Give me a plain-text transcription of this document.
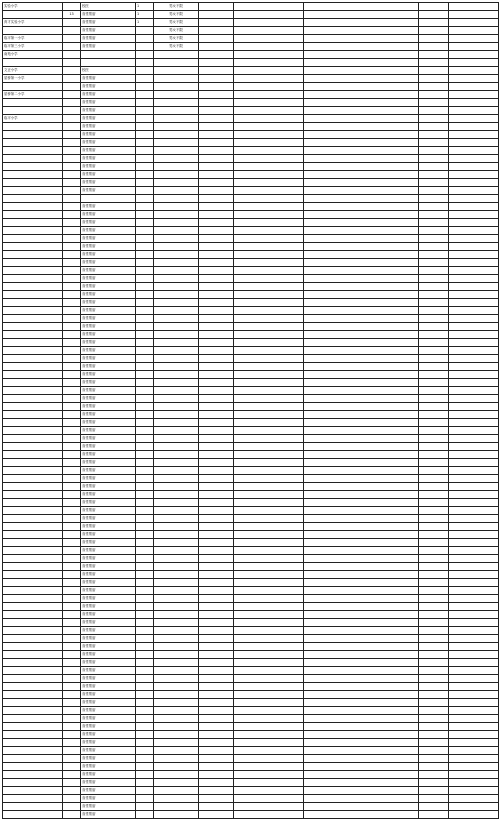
实验小学		校医	1	男女不限					
	13	食堂帮厨	1	男女不限					
育才实验小学		食堂帮厨	1	男女不限					
		食堂帮厨		男女不限					
临平第一小学		食堂帮厨		男女不限					
临平第三小学		食堂帮厨		男女不限					
南苑小学									

文正小学		校医							
星桥第一小学		食堂帮厨							
		食堂帮厨							
星桥第二小学		食堂帮厨							
		食堂帮厨							
		食堂帮厨							
临平小学		食堂帮厨							
		食堂帮厨							
		食堂帮厨							
		食堂帮厨							
		食堂帮厨							
		食堂帮厨							
		食堂帮厨							
		食堂帮厨							
		食堂帮厨							
		食堂帮厨							

		食堂帮厨							
		食堂帮厨							
		食堂帮厨							
		食堂帮厨							
		食堂帮厨							
		食堂帮厨							
		食堂帮厨							
		食堂帮厨							
		食堂帮厨							
		食堂帮厨							
		食堂帮厨							
		食堂帮厨							
		食堂帮厨							
		食堂帮厨							
		食堂帮厨							
		食堂帮厨							
		食堂帮厨							
		食堂帮厨							
		食堂帮厨							
		食堂帮厨							
		食堂帮厨							
		食堂帮厨							
		食堂帮厨							
		食堂帮厨							
		食堂帮厨							
		食堂帮厨							
		食堂帮厨							
		食堂帮厨							
		食堂帮厨							
		食堂帮厨							
		食堂帮厨							
		食堂帮厨							
		食堂帮厨							
		食堂帮厨							
		食堂帮厨							
		食堂帮厨							
		食堂帮厨							
		食堂帮厨							
		食堂帮厨							
		食堂帮厨							
		食堂帮厨							
		食堂帮厨							
		食堂帮厨							
		食堂帮厨							
		食堂帮厨							
		食堂帮厨							
		食堂帮厨							
		食堂帮厨							
		食堂帮厨							
		食堂帮厨							
		食堂帮厨							
		食堂帮厨							
		食堂帮厨							
		食堂帮厨							
		食堂帮厨							
		食堂帮厨							
		食堂帮厨							
		食堂帮厨							
		食堂帮厨							
		食堂帮厨							
		食堂帮厨							
		食堂帮厨							
		食堂帮厨							
		食堂帮厨							
		食堂帮厨							
		食堂帮厨							
		食堂帮厨							
		食堂帮厨							
		食堂帮厨							
		食堂帮厨							
		食堂帮厨							
		食堂帮厨							
		食堂帮厨							
		食堂帮厨							
		食堂帮厨							
		食堂帮厨							
		食堂帮厨							
